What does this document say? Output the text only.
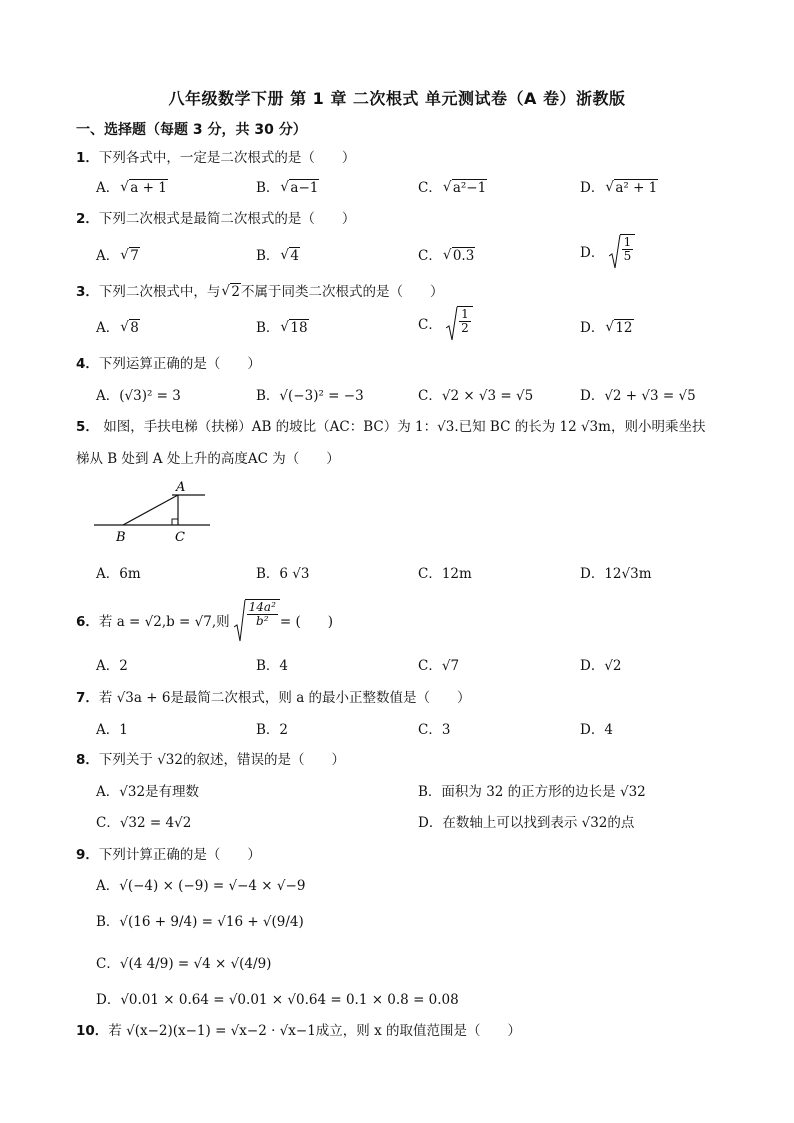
八年级数学下册 第 1 章 二次根式 单元测试卷（A 卷）浙教版
一、选择题（每题 3 分，共 30 分）
1．下列各式中，一定是二次根式的是（　　）
A． √ a + 1	B． √ a−1	C． √ a²−1	D． √ a² + 1
2．下列二次根式是最简二次根式的是（　　）
A． √ 7	B． √ 4	C． √ 0.3	D． $\frac{1}{5}$
3．下列二次根式中，与 √ 2不属于同类二次根式的是（　　）
A． √ 8	B． √ 18	C． $\frac{1}{2}$	D． √ 12
4．下列运算正确的是（　　）
A．(√3)² = 3	B．√(−3)² = −3	C．√2 × √3 = √5	D．√2 + √3 = √5
5． 如图，手扶电梯（扶梯）AB 的坡比（AC：BC）为 1：√3.已知 BC 的长为 12 √3m，则小明乘坐扶
梯从 B 处到 A 处上升的高度AC 为（　　）
A
B	C
A．6m	B．6 √3	C．12m	D．12√3m
6． 若 a = √2,b = √7,则 $\frac{\text{14a²}}{\text{b²}}$ = (　　)
A．2	B．4	C．√7	D．√2
7．若 √3a + 6是最简二次根式，则 a 的最小正整数值是（　　）
A．1	B．2	C．3	D．4
8．下列关于 √32的叙述，错误的是（　　）
A．√32是有理数	B．面积为 32 的正方形的边长是 √32
C．√32 = 4√2	D．在数轴上可以找到表示 √32的点
9．下列计算正确的是（　　）
A．√(−4) × (−9) = √−4 × √−9
B．√(16 + 9/4) = √16 + √(9/4)
C．√(4 4/9) = √4 × √(4/9)
D．√0.01 × 0.64 = √0.01 × √0.64 = 0.1 × 0.8 = 0.08
10．若 √(x−2)(x−1) = √x−2 · √x−1成立，则 x 的取值范围是（　　）
